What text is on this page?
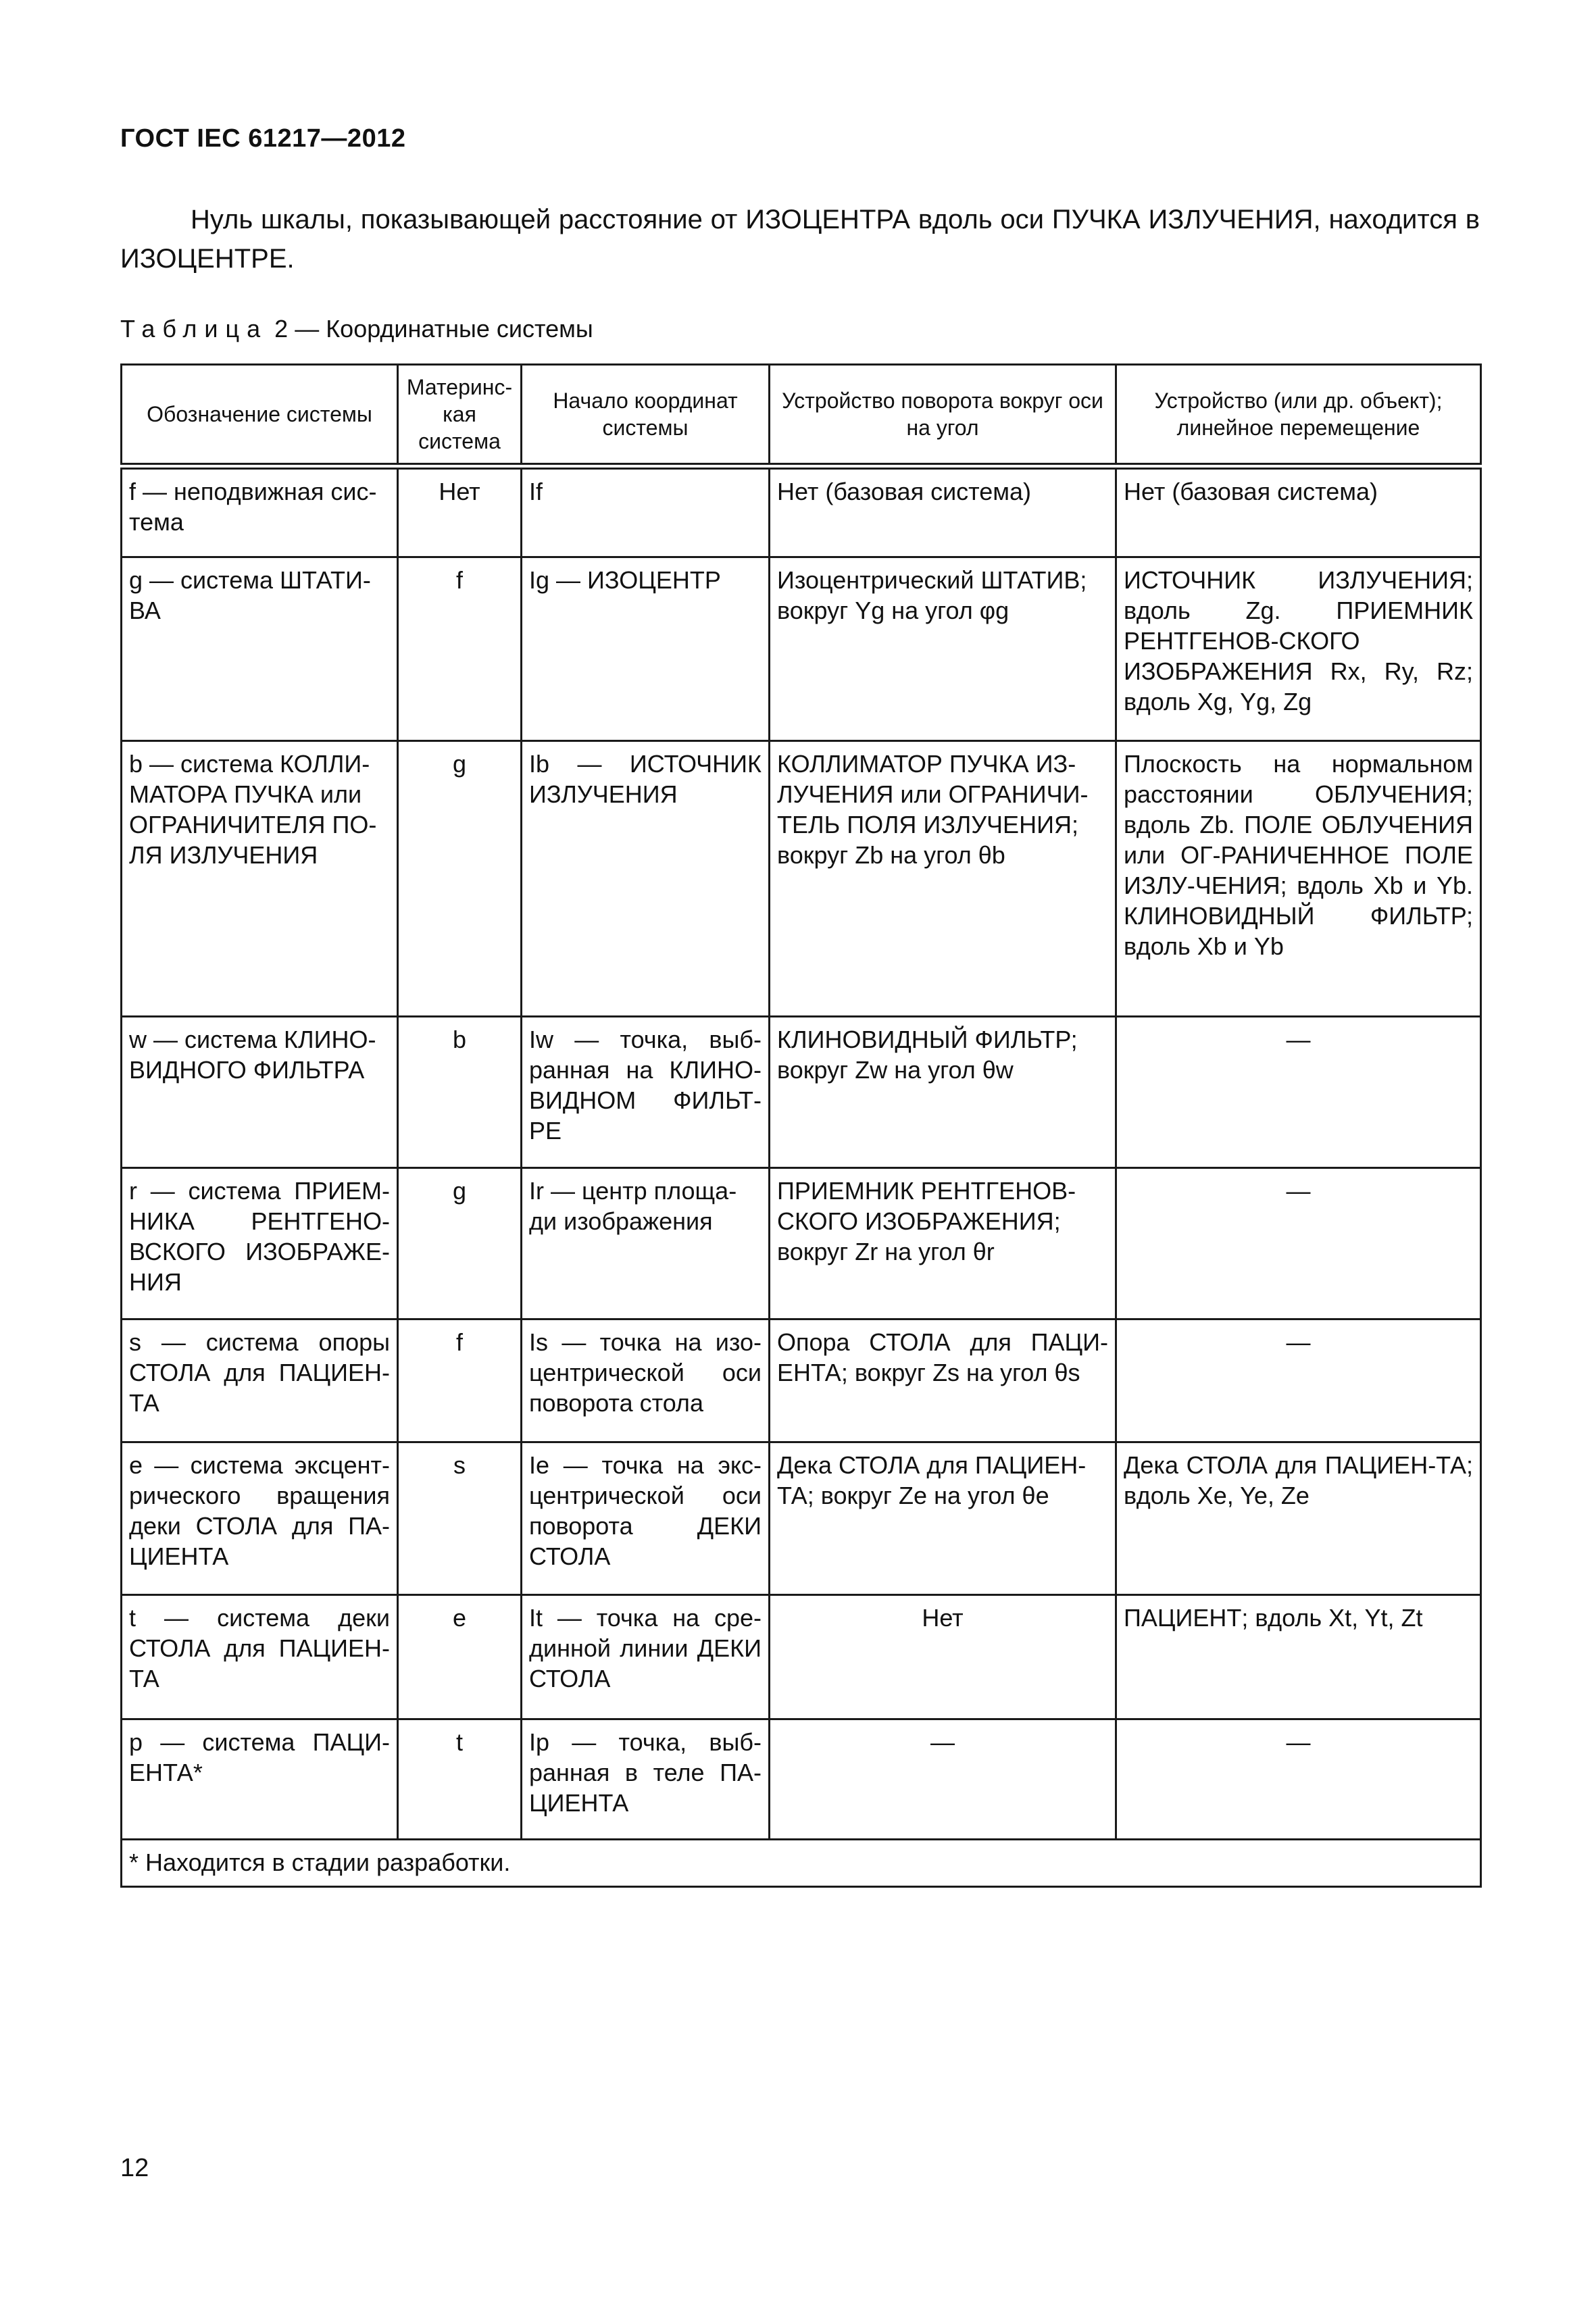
ГОСТ IEC 61217—2012

Нуль шкалы, показывающей расстояние от ИЗОЦЕНТРА вдоль оси ПУЧКА ИЗЛУЧЕНИЯ, находится в ИЗОЦЕНТРЕ.

Таблица 2 — Координатные системы
Обозначение системы	Материнс-кая система	Начало координат системы	Устройство поворота вокруг оси на угол	Устройство (или др. объект); линейное перемещение
f — неподвижная сис-тема	Нет	If	Нет (базовая система)	Нет (базовая система)
g — система ШТАТИ-ВА	f	Ig — ИЗОЦЕНТР	Изоцентрический ШТАТИВ; вокруг Yg на угол φg	ИСТОЧНИК ИЗЛУЧЕНИЯ; вдоль Zg. ПРИЕМНИК РЕНТГЕНОВ-СКОГО ИЗОБРАЖЕНИЯ Rx, Ry, Rz; вдоль Xg, Yg, Zg
b — система КОЛЛИ-МАТОРА ПУЧКА или ОГРАНИЧИТЕЛЯ ПО-ЛЯ ИЗЛУЧЕНИЯ	g	Ib — ИСТОЧНИК ИЗЛУЧЕНИЯ	КОЛЛИМАТОР ПУЧКА ИЗ-ЛУЧЕНИЯ или ОГРАНИЧИ-ТЕЛЬ ПОЛЯ ИЗЛУЧЕНИЯ; вокруг Zb на угол θb	Плоскость на нормальном расстоянии ОБЛУЧЕНИЯ; вдоль Zb. ПОЛЕ ОБЛУЧЕНИЯ или ОГ-РАНИЧЕННОЕ ПОЛЕ ИЗЛУ-ЧЕНИЯ; вдоль Xb и Yb. КЛИНОВИДНЫЙ ФИЛЬТР; вдоль Xb и Yb
w — система КЛИНО-ВИДНОГО ФИЛЬТРА	b	Iw — точка, выб-ранная на КЛИНО-ВИДНОМ ФИЛЬТ-РЕ	КЛИНОВИДНЫЙ ФИЛЬТР; вокруг Zw на угол θw	—
r — система ПРИЕМ-НИКА РЕНТГЕНО-ВСКОГО ИЗОБРАЖЕ-НИЯ	g	Ir — центр площа-ди изображения	ПРИЕМНИК РЕНТГЕНОВ-СКОГО ИЗОБРАЖЕНИЯ; вокруг Zr на угол θr	—
s — система опоры СТОЛА для ПАЦИЕН-ТА	f	Is — точка на изо-центрической оси поворота стола	Опора СТОЛА для ПАЦИ-ЕНТА; вокруг Zs на угол θs	—
e — система эксцент-рического вращения деки СТОЛА для ПА-ЦИЕНТА	s	Ie — точка на экс-центрической оси поворота ДЕКИ СТОЛА	Дека СТОЛА для ПАЦИЕН-ТА; вокруг Ze на угол θe	Дека СТОЛА для ПАЦИЕН-ТА; вдоль Xe, Ye, Ze
t — система деки СТОЛА для ПАЦИЕН-ТА	e	It — точка на сре-динной линии ДЕКИ СТОЛА	Нет	ПАЦИЕНТ; вдоль Xt, Yt, Zt
p — система ПАЦИ-ЕНТА*	t	Ip — точка, выб-ранная в теле ПА-ЦИЕНТА	—	—
* Находится в стадии разработки.				
12
